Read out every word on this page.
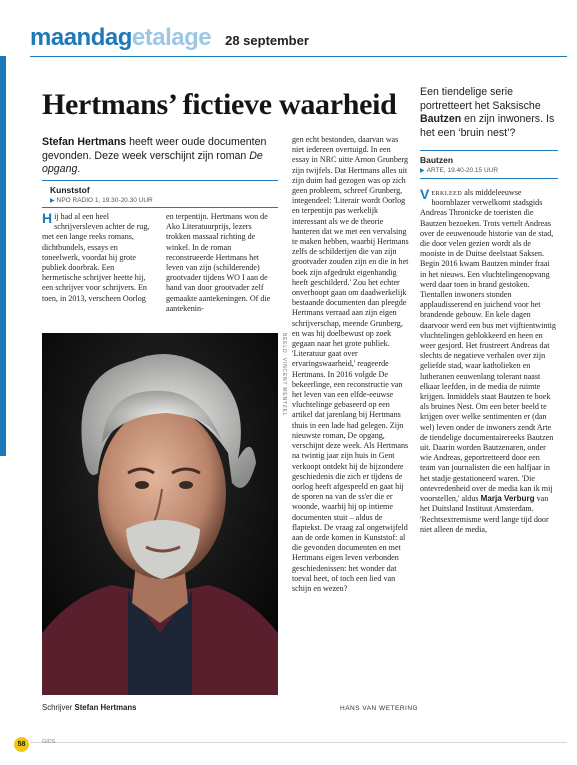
maandag etalage 28 september
Hertmans’ fictieve waarheid Een tiendelige serie portretteert het Saksische Bautzen en zijn inwoners. Is het een ‘bruin nest’?

Bautzen
▶ ARTE, 19.40-20.15 UUR

Stefan Hertmans heeft weer oude documenten gevonden. Deze week verschijnt zijn roman De opgang.

Kunststof
▶ NPO RADIO 1, 19.30-20.30 UUR
Hij had al een heel schrijversleven achter de rug, met een lange reeks romans, dichtbundels, essays en toneelwerk, voordat hij grote publiek doorbrak. Een hermetische schrijver heette hij, een schrijver voor schrijvers. En toen, in 2013, verscheen Oorlog
en terpentijn. Hertmans won de Ako Literatuurprijs, lezers trokken massaal richting de winkel. In de roman reconstrueerde Hertmans het leven van zijn (schilderende) grootvader tijdens WO I aan de hand van door grootvader zelf gemaakte aantekeningen. Of die aantekenin-
gen echt bestonden, daarvan was niet iedereen overtuigd. In een essay in NRC uitte Arnon Grunberg zijn twijfels. Dat Hertmans alles uit zijn duim had gezogen was op zich geen probleem, schreef Grunberg, integendeel: 'Literair wordt Oorlog en terpentijn pas werkelijk interessant als we de theorie hanteren dat we met een vervalsing te maken hebben, waarbij Hertmans zelfs de schilderijen die van zijn grootvader zouden zijn en die in het boek zijn afgedrukt eigenhandig heeft geschilderd.' Zou het echter onverhoopt gaan om daadwerkelijk bestaande documenten dan pleegde Hertmans verraad aan zijn eigen schrijverschap, meende Grunberg, en was hij doelbewust op zoek gegaan naar het grote publiek. 'Literatuur gaat over ervaringswaarheid,' reageerde Hertmans. In 2016 volgde De bekeerlinge, een reconstructie van het leven van een elfde-eeuwse vluchtelinge gebaseerd op een artikel dat jarenlang bij Hertmans thuis in een lade had gelegen. Zijn nieuwste roman, De opgang, verschijnt deze week. Als Hertmans na twintig jaar zijn huis in Gent verkoopt ontdekt hij de bijzondere geschiedenis die zich er tijdens de oorlog heeft afgespeeld en gaat hij de sporen na van de ss'er die er woonde, waarbij hij op intieme documenten stuit – aldus de flaptekst. De vraag zal ongetwijfeld aan de orde komen in Kunststof: al die gevonden documenten en met Hertmans eigen leven verbonden geschiedenissen: het wonder dat toeval heet, of toch een lied van schijn en wezen?
Verkleed als middeleeuwse hoornblazer verwelkomt stadsgids Andreas Thronicke de toeristen die Bautzen bezoeken. Trots vertelt Andreas over de eeuwenoude historie van de stad, die door velen gezien wordt als de mooiste in de Duitse deelstaat Saksen. Begin 2016 kwam Bautzen minder fraai in het nieuws. Een vluchtelingenopvang werd daar toen in brand gestoken. Tientallen inwoners stonden applaudisserend en juichend voor het brandende gebouw. En kele dagen daarvoor werd een bus met vijftientwintig vluchtelingen geblokkeerd en heen en weer gesjord. Het frustreert Andreas dat slechts de negatieve verhalen over zijn geliefde stad, waar katholieken en lutheranen eeuwenlang tolerant naast elkaar leefden, in de media de ruimte krijgen. Inmiddels staat Bautzen te boek als bruines Nest. Om een beter beeld te krijgen over welke sentimenten er (dan wel) leven onder de inwoners zendt Arte de tiendelige documentairereeks Bautzen uit. Daarin worden Bautzenaren, onder wie Andreas, geportretteerd door een team van journalisten die een halfjaar in het stadje gestationeerd waren. 'Die ontevredenheid over de media kan ik mij voorstellen,' aldus Marja Verburg van het Duitsland Instituut Amsterdam. 'Rechtsextremisme werd lange tijd door niet alleen de media,
HANS VAN WETERING
BEELD: VINCENT MENTZEL

Schrijver Stefan Hertmans

58	GIDS
